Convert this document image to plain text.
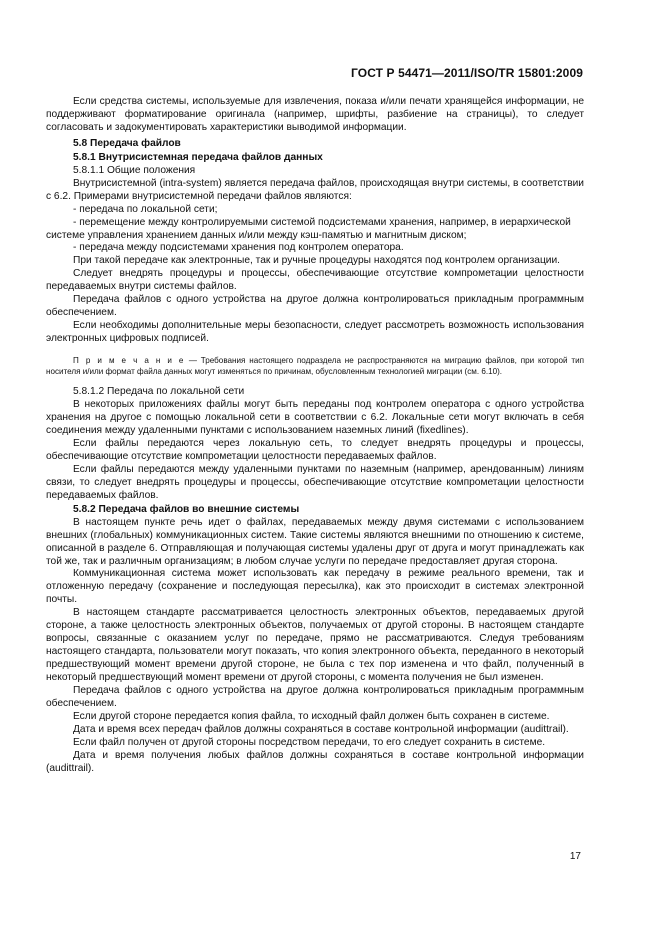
ГОСТ Р 54471—2011/ISO/TR 15801:2009

Если средства системы, используемые для извлечения, показа и/или печати хранящейся информации, не поддерживают форматирование оригинала (например, шрифты, разбиение на страницы), то следует согласовать и задокументировать характеристики выводимой информации.

5.8 Передача файлов

5.8.1 Внутрисистемная передача файлов данных

5.8.1.1 Общие положения

Внутрисистемной (intra-system) является передача файлов, происходящая внутри системы, в соответствии с 6.2. Примерами внутрисистемной передачи файлов являются:

- передача по локальной сети;

- перемещение между контролируемыми системой подсистемами хранения, например, в иерархической системе управления хранением данных и/или между кэш-памятью и магнитным диском;

- передача между подсистемами хранения под контролем оператора.

При такой передаче как электронные, так и ручные процедуры находятся под контролем организации.

Следует внедрять процедуры и процессы, обеспечивающие отсутствие компрометации целостности передаваемых внутри системы файлов.

Передача файлов с одного устройства на другое должна контролироваться прикладным программным обеспечением.

Если необходимы дополнительные меры безопасности, следует рассмотреть возможность использования электронных цифровых подписей.

П р и м е ч а н и е — Требования настоящего подраздела не распространяются на миграцию файлов, при которой тип носителя и/или формат файла данных могут изменяться по причинам, обусловленным технологией миграции (см. 6.10).

5.8.1.2 Передача по локальной сети

В некоторых приложениях файлы могут быть переданы под контролем оператора с одного устройства хранения на другое с помощью локальной сети в соответствии с 6.2. Локальные сети могут включать в себя соединения между удаленными пунктами с использованием наземных линий (fixedlines).

Если файлы передаются через локальную сеть, то следует внедрять процедуры и процессы, обеспечивающие отсутствие компрометации целостности передаваемых файлов.

Если файлы передаются между удаленными пунктами по наземным (например, арендованным) линиям связи, то следует внедрять процедуры и процессы, обеспечивающие отсутствие компрометации целостности передаваемых файлов.

5.8.2 Передача файлов во внешние системы

В настоящем пункте речь идет о файлах, передаваемых между двумя системами с использованием внешних (глобальных) коммуникационных систем. Такие системы являются внешними по отношению к системе, описанной в разделе 6. Отправляющая и получающая системы удалены друг от друга и могут принадлежать как той же, так и различным организациям; в любом случае услуги по передаче предоставляет другая сторона.

Коммуникационная система может использовать как передачу в режиме реального времени, так и отложенную передачу (сохранение и последующая пересылка), как это происходит в системах электронной почты.

В настоящем стандарте рассматривается целостность электронных объектов, передаваемых другой стороне, а также целостность электронных объектов, получаемых от другой стороны. В настоящем стандарте вопросы, связанные с оказанием услуг по передаче, прямо не рассматриваются. Следуя требованиям настоящего стандарта, пользователи могут показать, что копия электронного объекта, переданного в некоторый предшествующий момент времени другой стороне, не была с тех пор изменена и что файл, полученный в некоторый предшествующий момент времени от другой стороны, с момента получения не был изменен.

Передача файлов с одного устройства на другое должна контролироваться прикладным программным обеспечением.

Если другой стороне передается копия файла, то исходный файл должен быть сохранен в системе.

Дата и время всех передач файлов должны сохраняться в составе контрольной информации (audittrail).

Если файл получен от другой стороны посредством передачи, то его следует сохранить в системе.

Дата и время получения любых файлов должны сохраняться в составе контрольной информации (audittrail).

17
